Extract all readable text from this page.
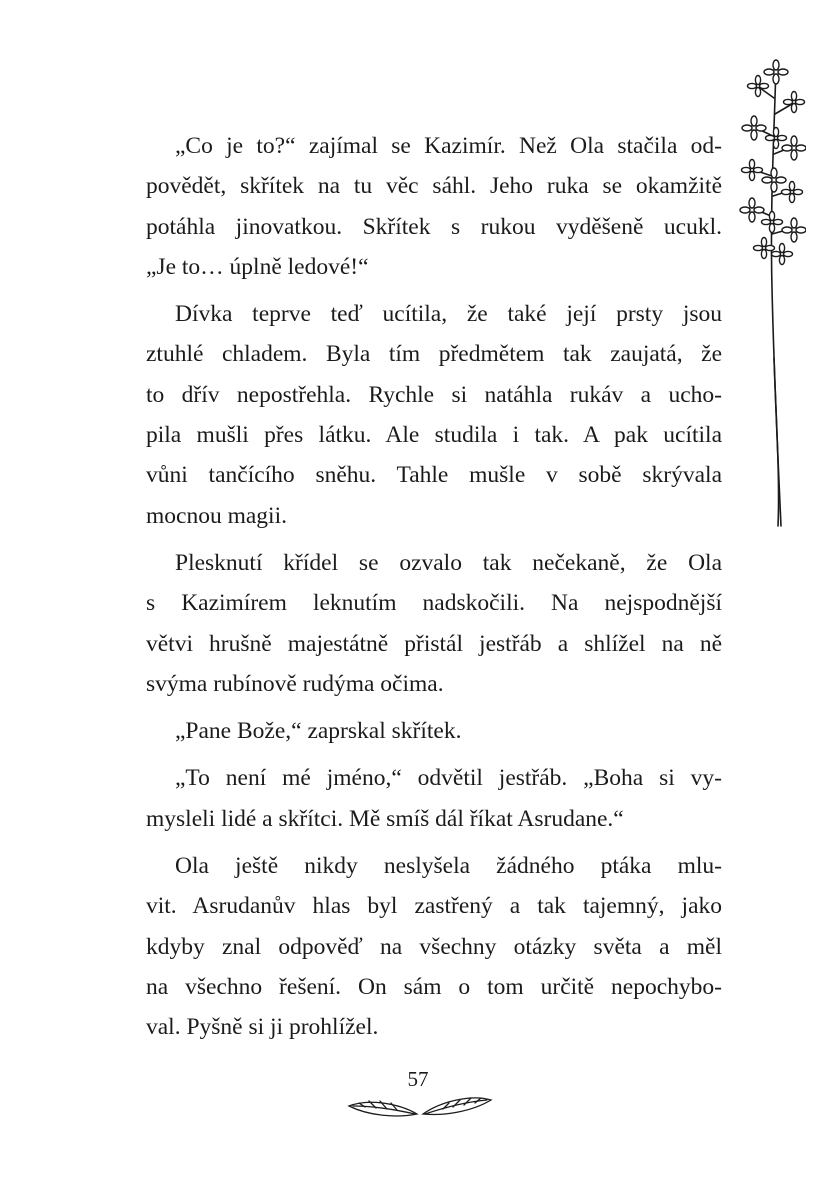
„Co je to?“ zajímal se Kazimír. Než Ola stačila od-
povědět, skřítek na tu věc sáhl. Jeho ruka se okamžitě
potáhla jinovatkou. Skřítek s rukou vyděšeně ucukl.
„Je to… úplně ledové!“

Dívka teprve teď ucítila, že také její prsty jsou
ztuhlé chladem. Byla tím předmětem tak zaujatá, že
to dřív nepostřehla. Rychle si natáhla rukáv a ucho-
pila mušli přes látku. Ale studila i tak. A pak ucítila
vůni tančícího sněhu. Tahle mušle v sobě skrývala
mocnou magii.

Plesknutí křídel se ozvalo tak nečekaně, že Ola
s Kazimírem leknutím nadskočili. Na nejspodnější
větvi hrušně majestátně přistál jestřáb a shlížel na ně
svýma rubínově rudýma očima.

„Pane Bože,“ zaprskal skřítek.

„To není mé jméno,“ odvětil jestřáb. „Boha si vy-
mysleli lidé a skřítci. Mě smíš dál říkat Asrudane.“

Ola ještě nikdy neslyšela žádného ptáka mlu-
vit. Asrudanův hlas byl zastřený a tak tajemný, jako
kdyby znal odpověď na všechny otázky světa a měl
na všechno řešení. On sám o tom určitě nepochybo-
val. Pyšně si ji prohlížel.

57
